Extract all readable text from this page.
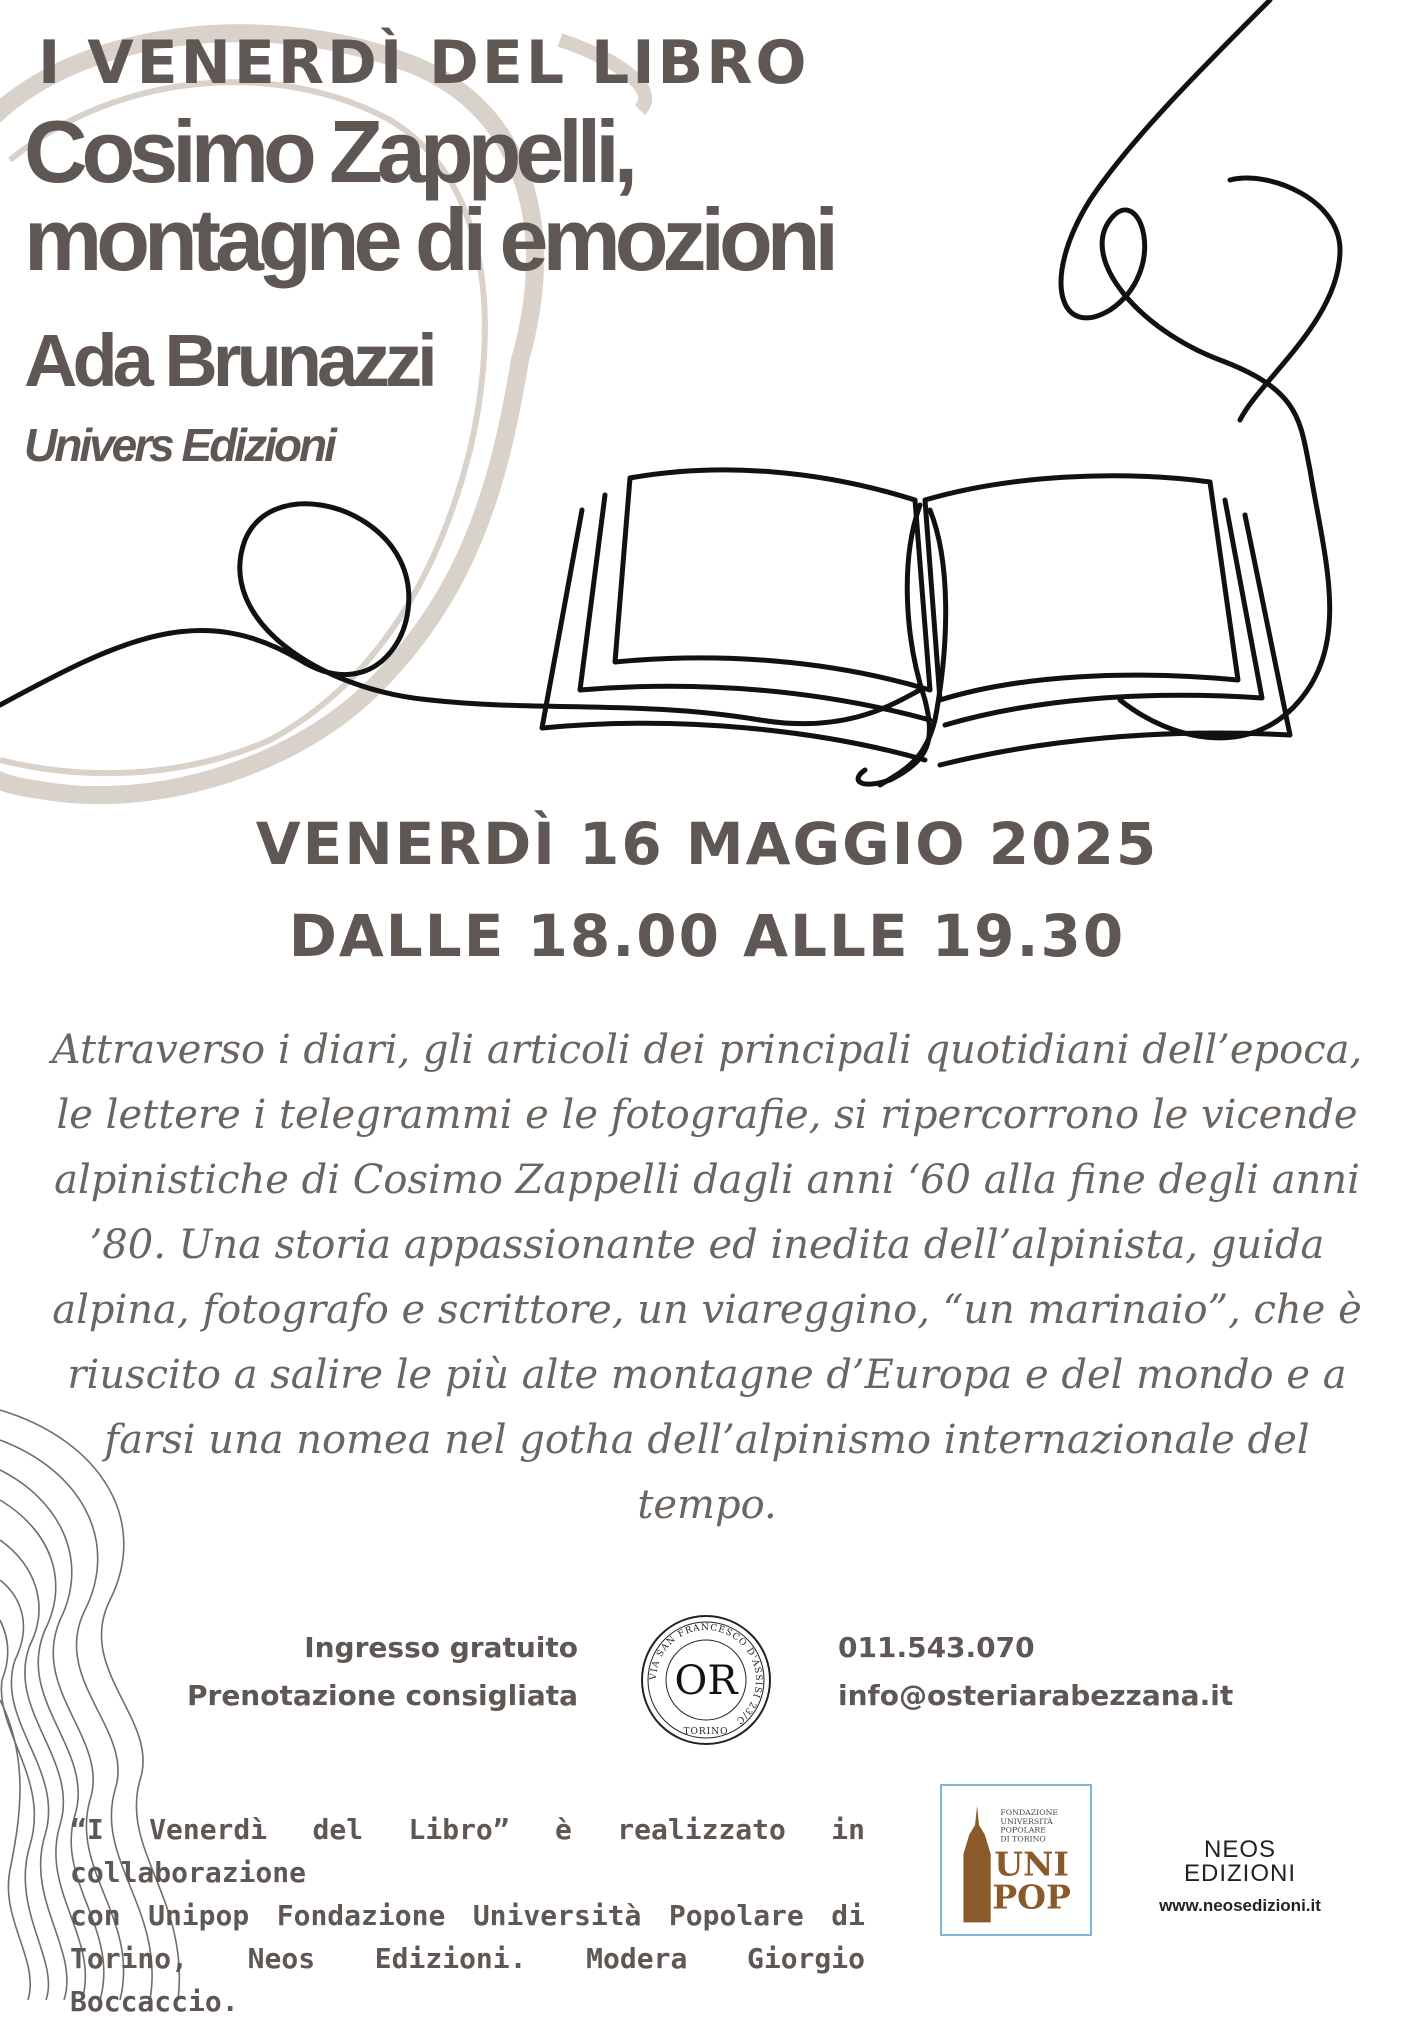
I VENERDÌ DEL LIBRO
Cosimo Zappelli,
montagne di emozioni
Ada Brunazzi
Univers Edizioni
VENERDÌ 16 MAGGIO 2025
DALLE 18.00 ALLE 19.30
Attraverso i diari, gli articoli dei principali quotidiani dell’epoca, le lettere i telegrammi e le fotografie, si ripercorrono le vicende alpinistiche di Cosimo Zappelli dagli anni ‘60 alla fine degli anni ’80. Una storia appassionante ed inedita dell’alpinista, guida alpina, fotografo e scrittore, un viareggino, “un marinaio”, che è riuscito a salire le più alte montagne d’Europa e del mondo e a farsi una nomea nel gotha dell’alpinismo internazionale del tempo.
Ingresso gratuito
Prenotazione consigliata
VIA SAN FRANCESCO D'ASSISI 23/C
TORINO
OR
011.543.070
info@osteriarabezzana.it
“I Venerdì del Libro” è realizzato in collaborazione
con Unipop Fondazione Università Popolare di
Torino, Neos Edizioni. Modera Giorgio Boccaccio.
FONDAZIONE UNIVERSITÀ POPOLARE DI TORINO
UNI
POP
NEOS
EDIZIONI
www.neosedizioni.it
